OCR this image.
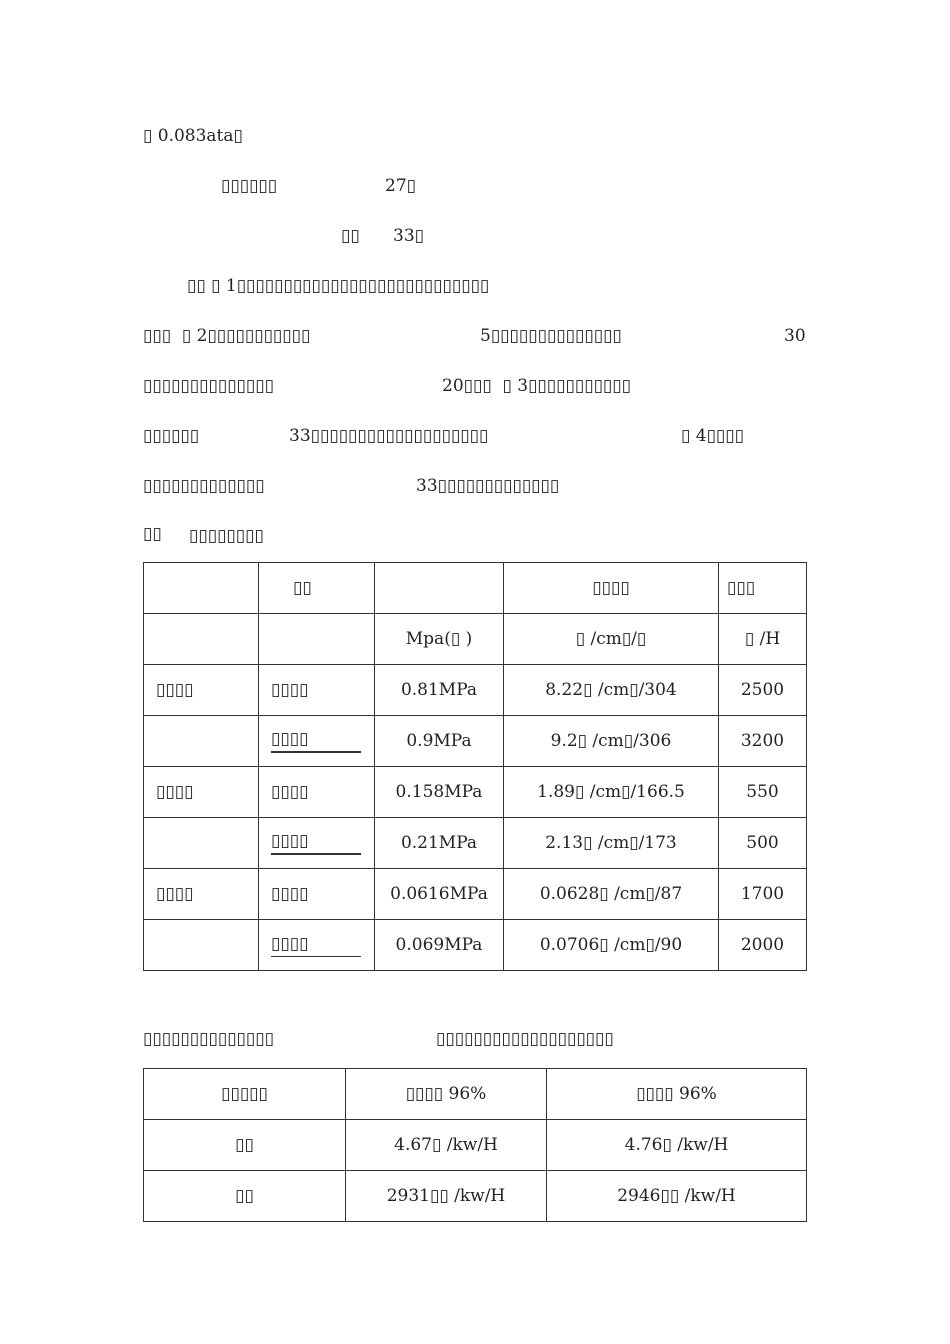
▯ 0.083ata▯
▯▯▯▯▯▯	27▯
▯▯ 33▯
▯▯ ▯ 1▯▯▯▯▯▯▯▯▯▯▯▯▯▯▯▯▯▯▯▯▯▯▯▯▯▯▯
▯▯▯  ▯ 2▯▯▯▯▯▯▯▯▯▯▯	5▯▯▯▯▯▯▯▯▯▯▯▯▯▯	30
▯▯▯▯▯▯▯▯▯▯▯▯▯▯	20▯▯▯  ▯ 3▯▯▯▯▯▯▯▯▯▯▯
▯▯▯▯▯▯	33▯▯▯▯▯▯▯▯▯▯▯▯▯▯▯▯▯▯▯	▯ 4▯▯▯▯
▯▯▯▯▯▯▯▯▯▯▯▯▯	33▯▯▯▯▯▯▯▯▯▯▯▯▯
▯▯ ▯▯▯▯▯▯▯▯
	▯▯		▯▯▯▯	▯▯▯
		Mpa(▯ )	▯ /cm▯/▯	▯ /H
▯▯▯▯	▯▯▯▯	0.81MPa	8.22▯ /cm▯/304	2500
	▯▯▯▯	0.9MPa	9.2▯ /cm▯/306	3200
▯▯▯▯	▯▯▯▯	0.158MPa	1.89▯ /cm▯/166.5	550
	▯▯▯▯	0.21MPa	2.13▯ /cm▯/173	500
▯▯▯▯	▯▯▯▯	0.0616MPa	0.0628▯ /cm▯/87	1700
	▯▯▯▯	0.069MPa	0.0706▯ /cm▯/90	2000
▯▯▯▯▯▯▯▯▯▯▯▯▯▯	▯▯▯▯▯▯▯▯▯▯▯▯▯▯▯▯▯▯▯
▯▯▯▯▯	▯▯▯▯ 96%	▯▯▯▯ 96%
▯▯	4.67▯ /kw/H	4.76▯ /kw/H
▯▯	2931▯▯ /kw/H	2946▯▯ /kw/H
